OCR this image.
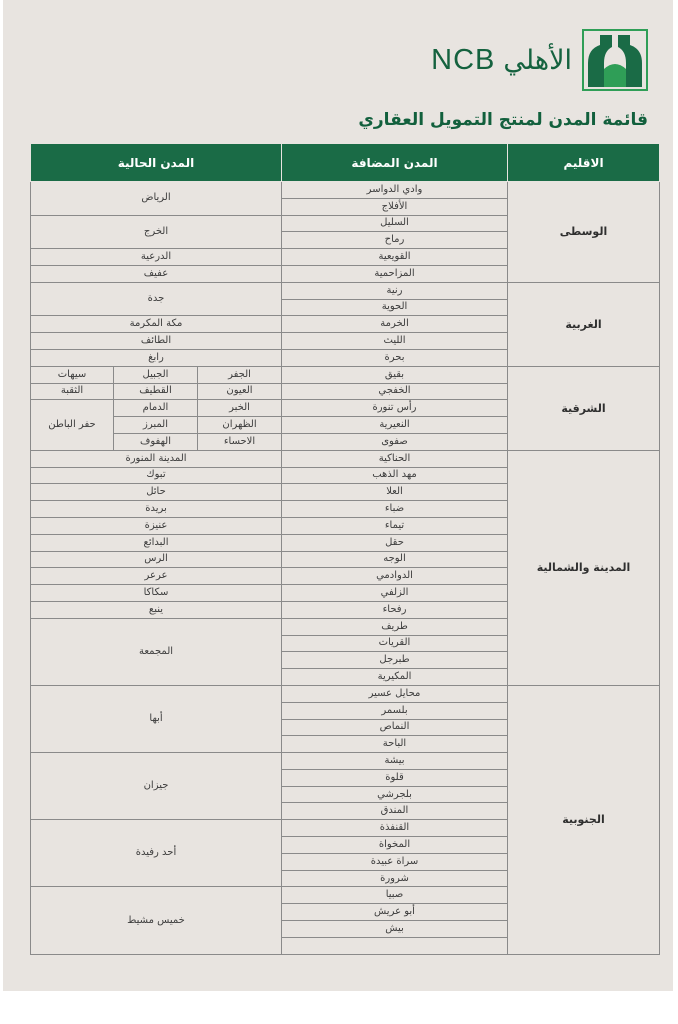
NCB الأهلي
قائمة المدن لمنتج التمويل العقاري
الاقليم	المدن المضافة	المدن الحالية		
الوسطى	وادي الدواسر	الرياض		
	الأفلاج			
	السليل	الخرج		
	رماح			
	القويعية	الدرعية		
	المزاحمية	عفيف		
الغربية	رنية	جدة		
	الحوية			
	الخرمة	مكة المكرمة		
	الليث	الطائف		
	بحرة	رابغ		
الشرقية	بقيق	الجفر	الجبيل	سيهات
	الخفجي	العيون	القطيف	الثقبة
	رأس تنورة	الخبر	الدمام	حفر الباطن
	النعيرية	الظهران	المبرز	
	صفوى	الاحساء	الهفوف	
المدينة والشمالية	الحناكية	المدينة المنورة		
	مهد الذهب	تبوك		
	العلا	حائل		
	ضباء	بريدة		
	تيماء	عنيزة		
	حقل	البدائع		
	الوجه	الرس		
	الدوادمي	عرعر		
	الزلفي	سكاكا		
	رفحاء	ينبع		
	طريف	المجمعة		
	القريات			
	طبرجل			
	المكيرية			
الجنوبية	محايل عسير	أبها		
	بلسمر			
	النماص			
	الباحة			
	بيشة	جيزان		
	قلوة			
	بلجرشي			
	المندق			
	القنفذة	أحد رفيدة		
	المخواة			
	سراة عبيدة			
	شرورة			
	صبيا	خميس مشيط		
	أبو عريش			
	بيش			
